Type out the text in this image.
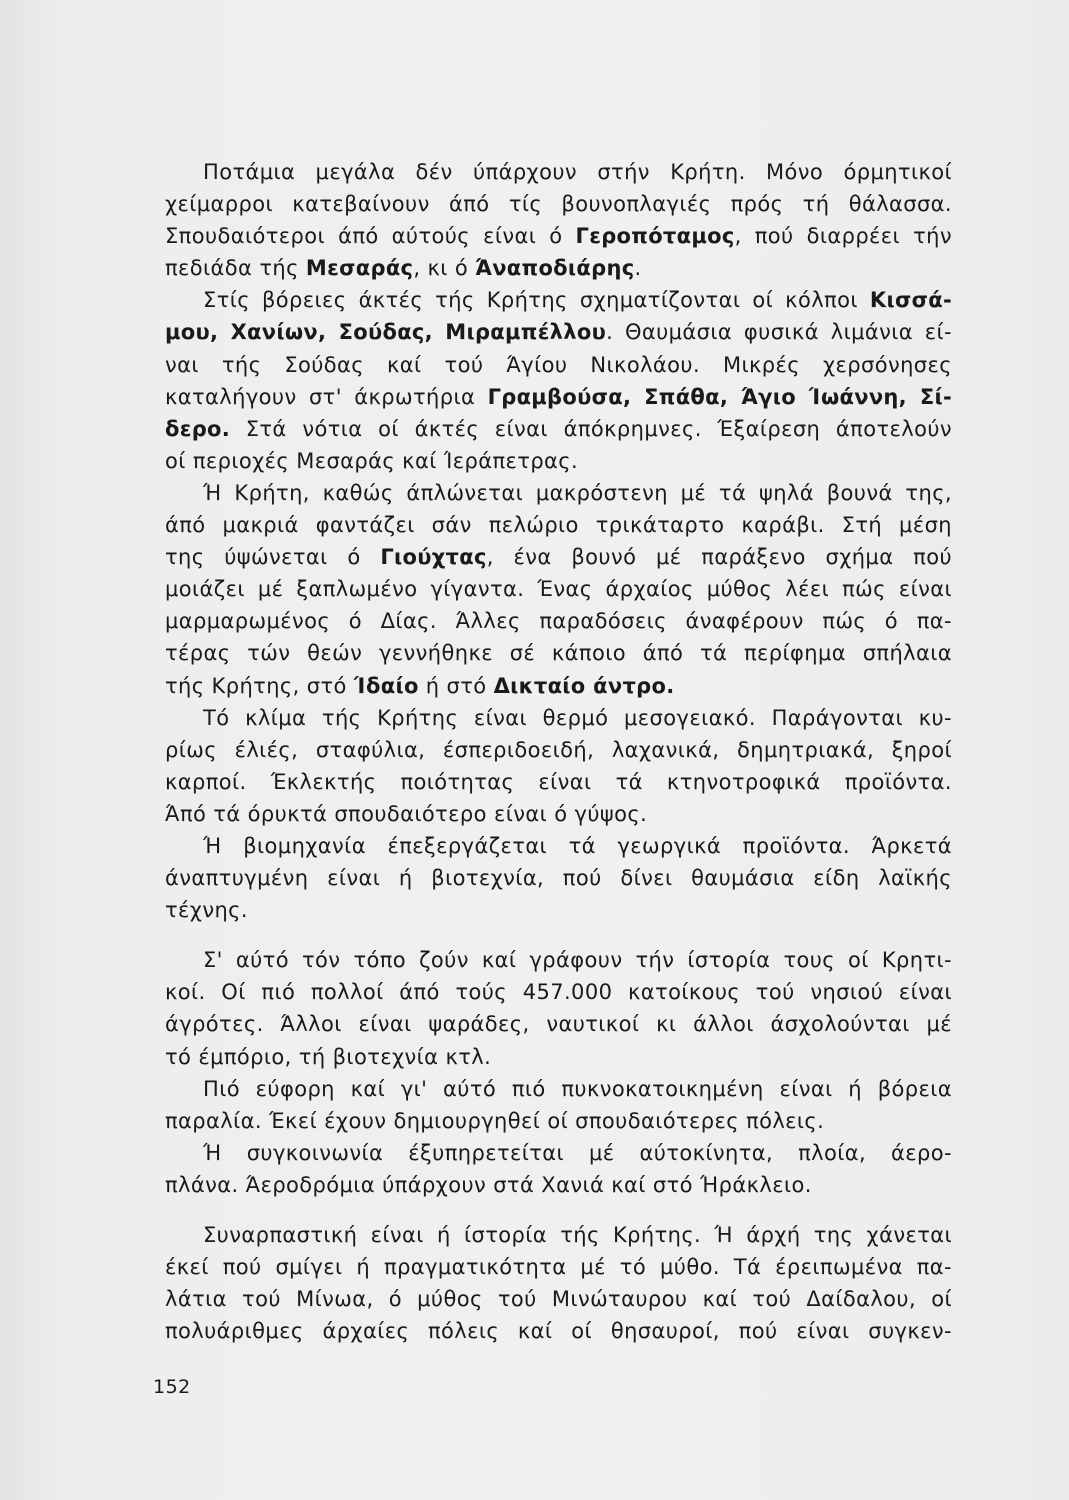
Ποτάμια μεγάλα δέν ύπάρχουν στήν Κρήτη. Μόνο όρμητικοί
χείμαρροι κατεβαίνουν άπό τίς βουνοπλαγιές πρός τή θάλασσα.
Σπουδαιότεροι άπό αύτούς είναι ό Γεροπόταμος, πού διαρρέει τήν
πεδιάδα τής Μεσαράς, κι ό Άναποδιάρης.
Στίς βόρειες άκτές τής Κρήτης σχηματίζονται οί κόλποι Κισσά-
μου, Χανίων, Σούδας, Μιραμπέλλου. Θαυμάσια φυσικά λιμάνια εί-
ναι τής Σούδας καί τού Άγίου Νικολάου. Μικρές χερσόνησες
καταλήγουν στ' άκρωτήρια Γραμβούσα, Σπάθα, Άγιο Ίωάννη, Σί-
δερο. Στά νότια οί άκτές είναι άπόκρημνες. Έξαίρεση άποτελούν
οί περιοχές Μεσαράς καί Ίεράπετρας.
Ή Κρήτη, καθώς άπλώνεται μακρόστενη μέ τά ψηλά βουνά της,
άπό μακριά φαντάζει σάν πελώριο τρικάταρτο καράβι. Στή μέση
της ύψώνεται ό Γιούχτας, ένα βουνό μέ παράξενο σχήμα πού
μοιάζει μέ ξαπλωμένο γίγαντα. Ένας άρχαίος μύθος λέει πώς είναι
μαρμαρωμένος ό Δίας. Άλλες παραδόσεις άναφέρουν πώς ό πα-
τέρας τών θεών γεννήθηκε σέ κάποιο άπό τά περίφημα σπήλαια
τής Κρήτης, στό Ίδαίο ή στό Δικταίο άντρο.
Τό κλίμα τής Κρήτης είναι θερμό μεσογειακό. Παράγονται κυ-
ρίως έλιές, σταφύλια, έσπεριδοειδή, λαχανικά, δημητριακά, ξηροί
καρποί. Έκλεκτής ποιότητας είναι τά κτηνοτροφικά προϊόντα.
Άπό τά όρυκτά σπουδαιότερο είναι ό γύψος.
Ή βιομηχανία έπεξεργάζεται τά γεωργικά προϊόντα. Άρκετά
άναπτυγμένη είναι ή βιοτεχνία, πού δίνει θαυμάσια είδη λαϊκής
τέχνης.
Σ' αύτό τόν τόπο ζούν καί γράφουν τήν ίστορία τους οί Κρητι-
κοί. Οί πιό πολλοί άπό τούς 457.000 κατοίκους τού νησιού είναι
άγρότες. Άλλοι είναι ψαράδες, ναυτικοί κι άλλοι άσχολούνται μέ
τό έμπόριο, τή βιοτεχνία κτλ.
Πιό εύφορη καί γι' αύτό πιό πυκνοκατοικημένη είναι ή βόρεια
παραλία. Έκεί έχουν δημιουργηθεί οί σπουδαιότερες πόλεις.
Ή συγκοινωνία έξυπηρετείται μέ αύτοκίνητα, πλοία, άερο-
πλάνα. Άεροδρόμια ύπάρχουν στά Χανιά καί στό Ήράκλειο.
Συναρπαστική είναι ή ίστορία τής Κρήτης. Ή άρχή της χάνεται
έκεί πού σμίγει ή πραγματικότητα μέ τό μύθο. Τά έρειπωμένα πα-
λάτια τού Μίνωα, ό μύθος τού Μινώταυρου καί τού Δαίδαλου, οί
πολυάριθμες άρχαίες πόλεις καί οί θησαυροί, πού είναι συγκεν-
152
